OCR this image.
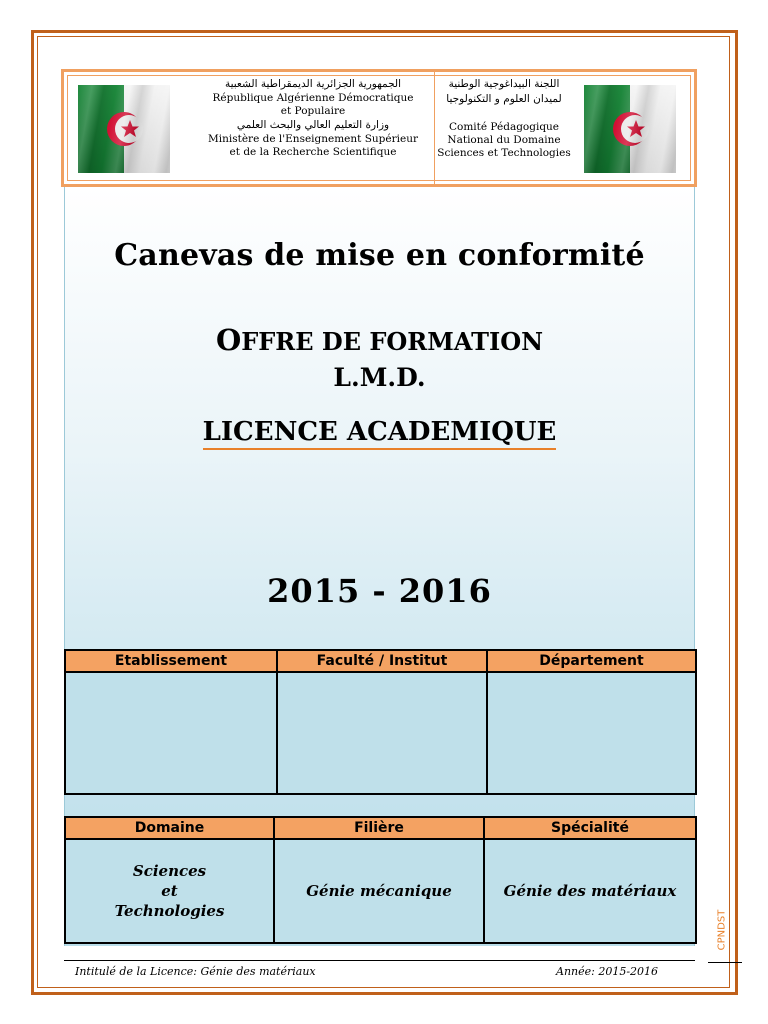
الجمهورية الجزائرية الديمقراطية الشعبية
République Algérienne Démocratique
et Populaire
وزارة التعليم العالي والبحث العلمي
Ministère de l'Enseignement Supérieur
et de la Recherche Scientifique
اللجنة البيداغوجية الوطنية
لميدان العلوم و التكنولوجيا
Comité Pédagogique
National du Domaine
Sciences et Technologies
Canevas de mise en conformité
OFFRE DE FORMATION
L.M.D.
LICENCE ACADEMIQUE
2015 - 2016
Etablissement	Faculté / Institut	Département

Domaine	Filière	Spécialité

Sciences
et
Technologies	Génie mécanique	Génie des matériaux
CPNDST
Intitulé de la Licence: Génie des matériaux	Année: 2015-2016
